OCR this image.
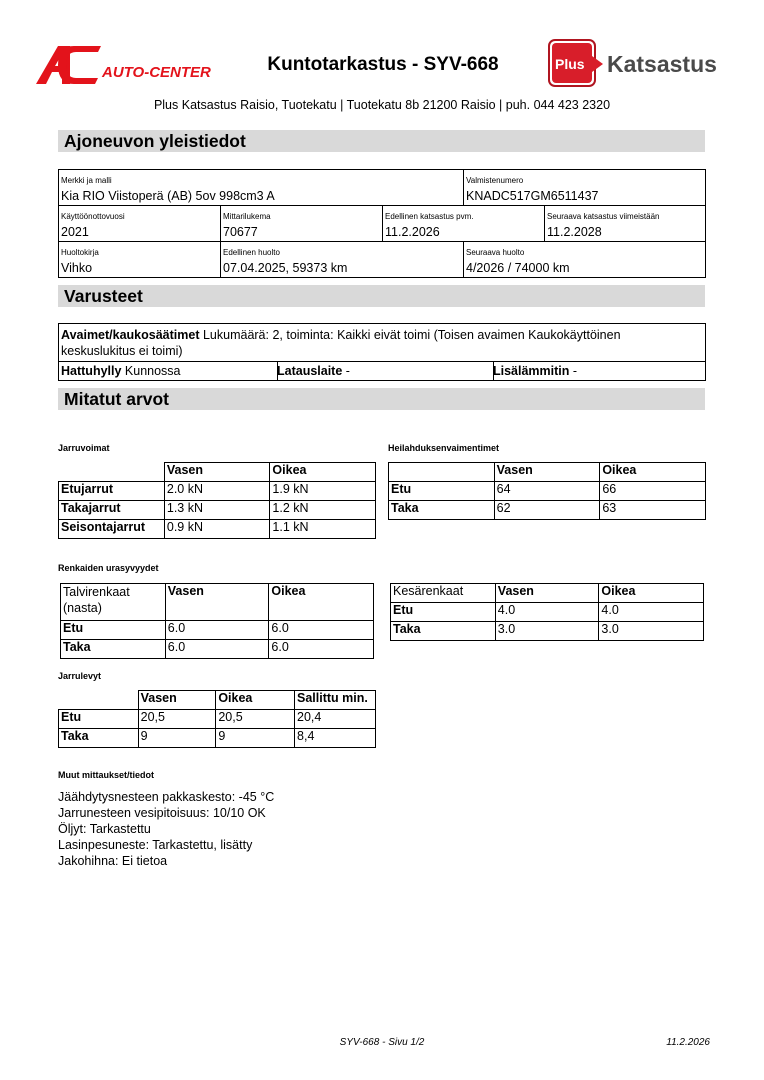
AUTO-CENTER	Kuntotarkastus - SYV-668	Plus Katsastus
Plus Katsastus Raisio, Tuotekatu | Tuotekatu 8b 21200 Raisio | puh. 044 423 2320
Ajoneuvon yleistiedot
Merkki ja malli
Kia RIO Viistoperä (AB) 5ov 998cm3 A
Valmistenumero
KNADC517GM6511437
Käyttöönottovuosi
2021
Mittarilukema
70677
Edellinen katsastus pvm.
11.2.2026
Seuraava katsastus viimeistään
11.2.2028
Huoltokirja
Vihko
Edellinen huolto
07.04.2025, 59373 km
Seuraava huolto
4/2026 / 74000 km
Varusteet
Avaimet/kaukosäätimet Lukumäärä: 2, toiminta: Kaikki eivät toimi (Toisen avaimen Kaukokäyttöinen
keskuslukitus ei toimi)
Hattuhylly Kunnossa	Latauslaite -	Lisälämmitin -
Mitatut arvot
Jarruvoimat
	Vasen	Oikea
Etujarrut	2.0 kN	1.9 kN
Takajarrut	1.3 kN	1.2 kN
Seisontajarrut	0.9 kN	1.1 kN
Heilahduksenvaimentimet
	Vasen	Oikea
Etu	64	66
Taka	62	63
Renkaiden urasyvyydet
Talvirenkaat
(nasta)	Vasen	Oikea
Etu	6.0	6.0
Taka	6.0	6.0
Kesärenkaat	Vasen	Oikea
Etu	4.0	4.0
Taka	3.0	3.0
Jarrulevyt
	Vasen	Oikea	Sallittu min.
Etu	20,5	20,5	20,4
Taka	9	9	8,4
Muut mittaukset/tiedot
Jäähdytysnesteen pakkaskesto: -45 °C
Jarrunesteen vesipitoisuus: 10/10 OK
Öljyt: Tarkastettu
Lasinpesuneste: Tarkastettu, lisätty
Jakohihna: Ei tietoa
SYV-668 - Sivu 1/2	11.2.2026
